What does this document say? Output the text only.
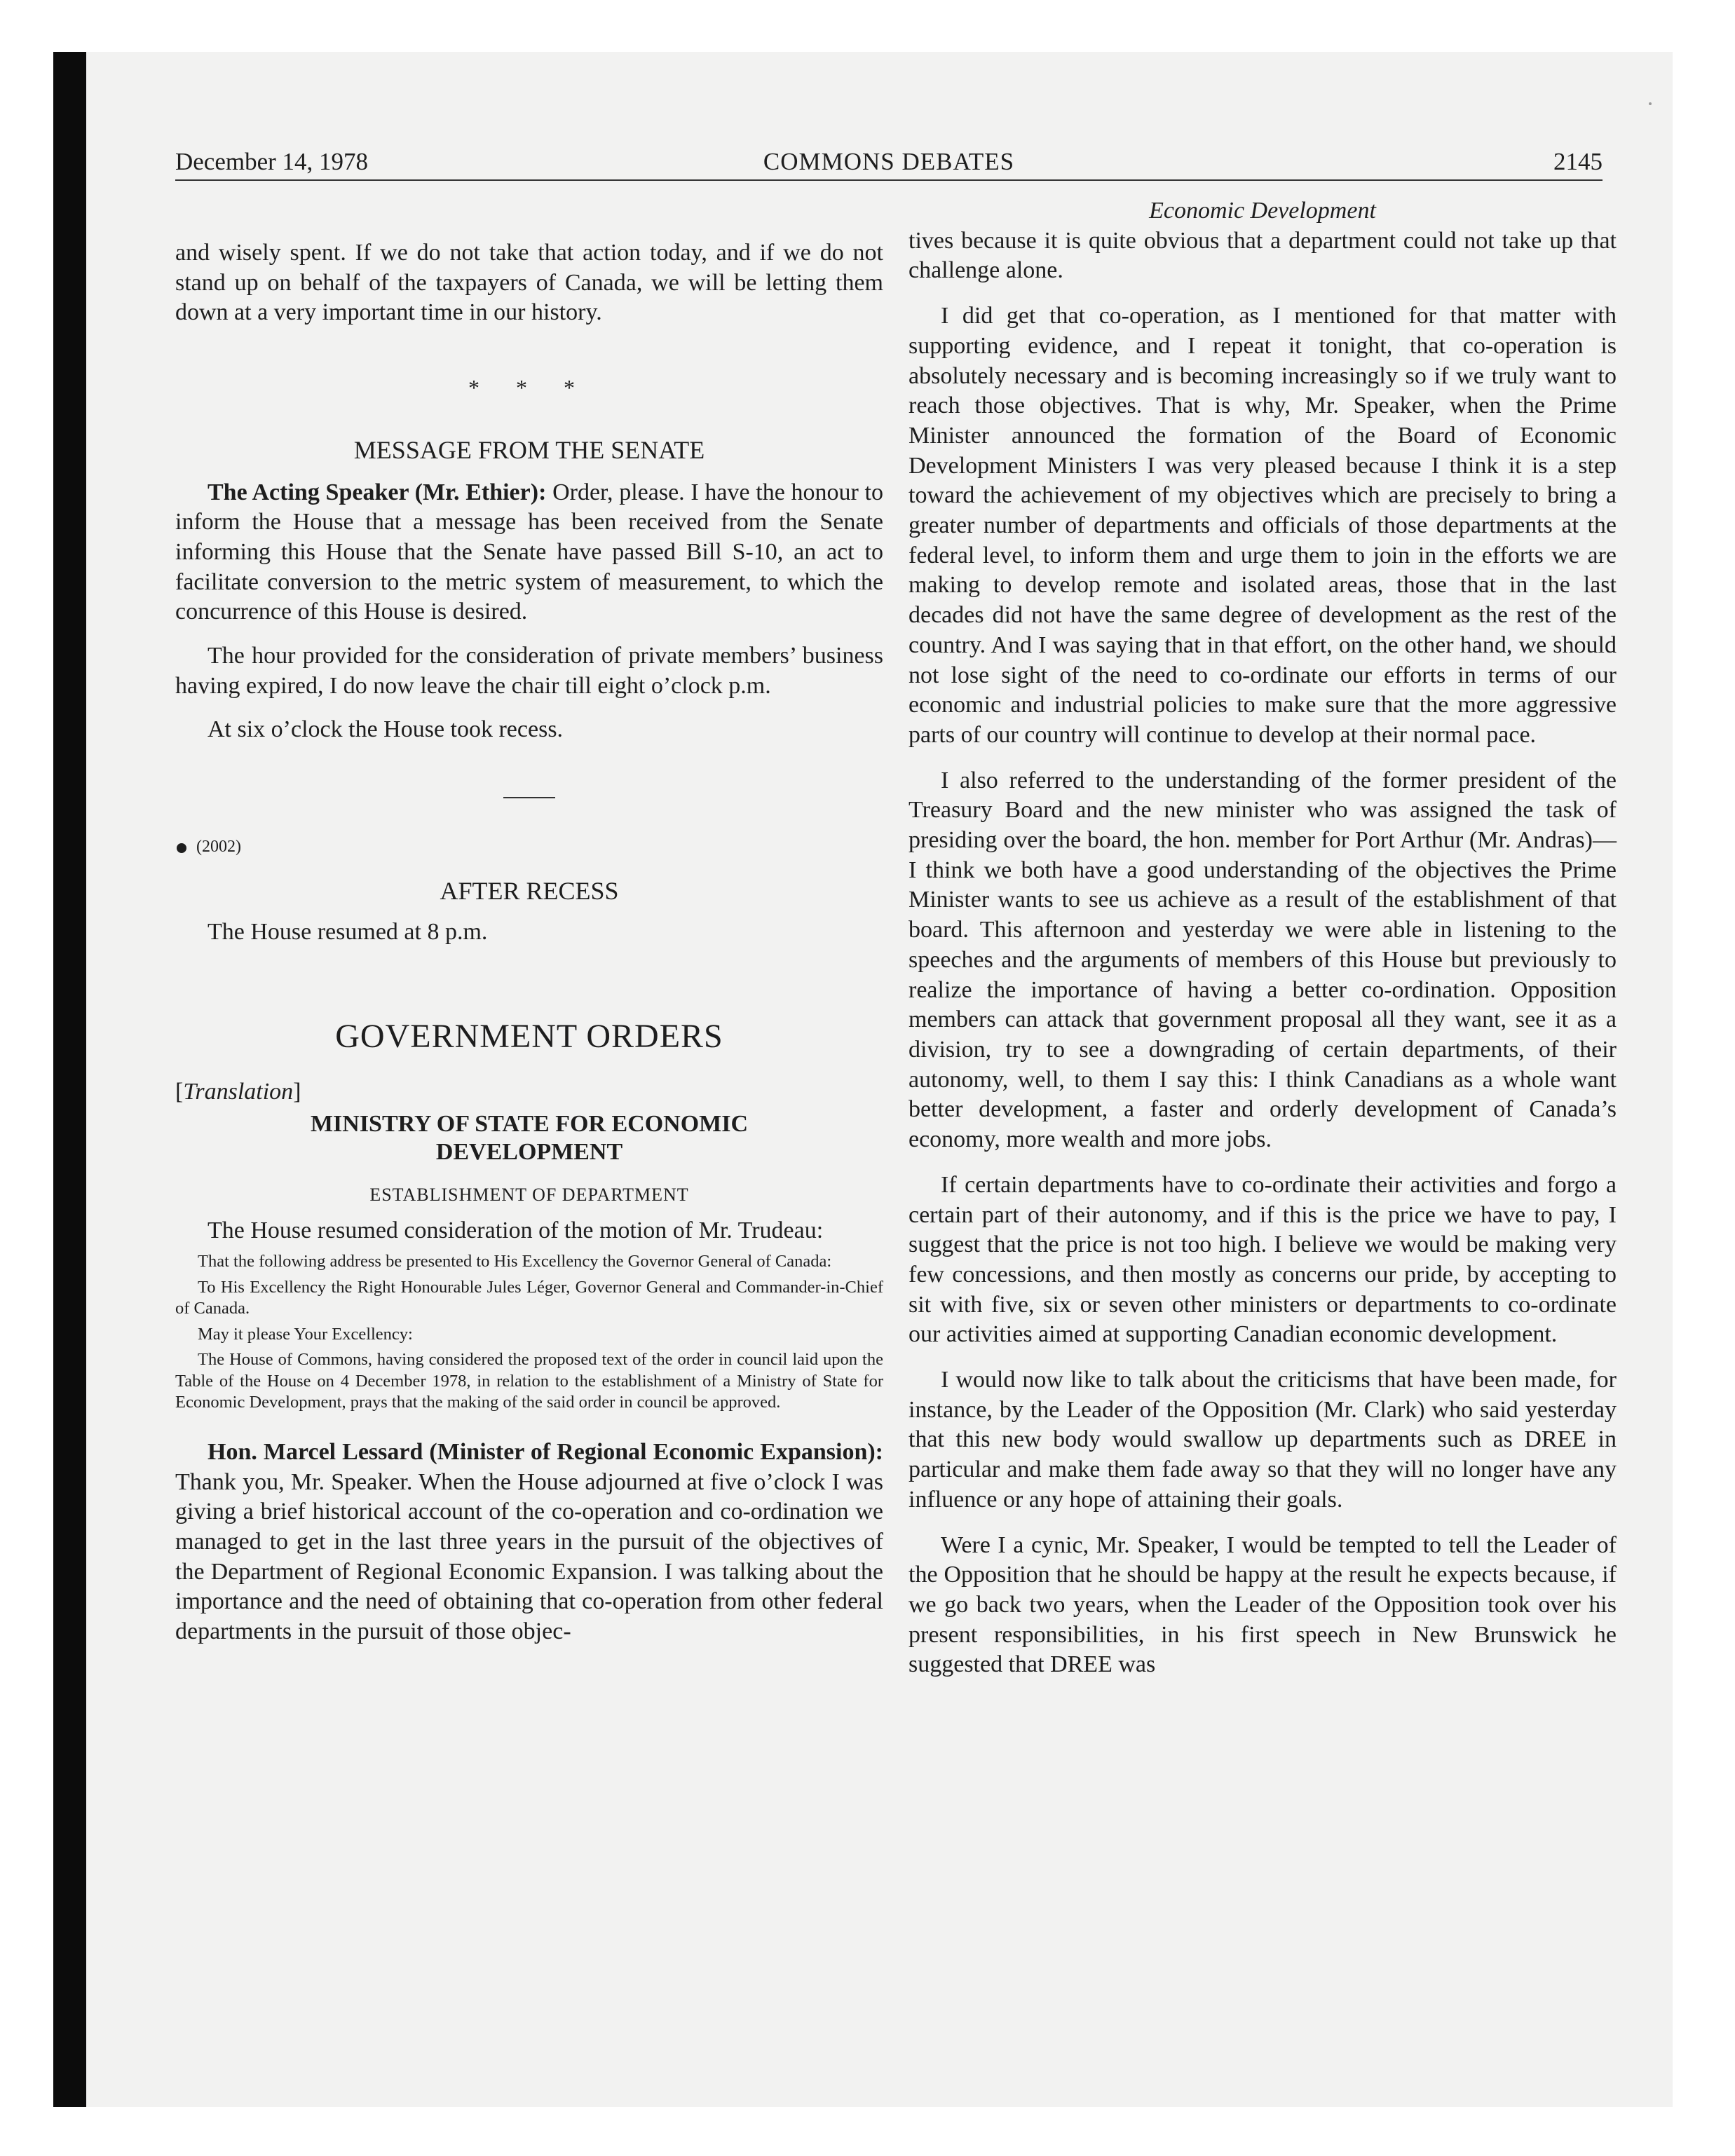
December 14, 1978	COMMONS DEBATES	2145

and wisely spent. If we do not take that action today, and if we do not stand up on behalf of the taxpayers of Canada, we will be letting them down at a very important time in our history.

* * *

MESSAGE FROM THE SENATE

The Acting Speaker (Mr. Ethier): Order, please. I have the honour to inform the House that a message has been received from the Senate informing this House that the Senate have passed Bill S-10, an act to facilitate conversion to the metric system of measurement, to which the concurrence of this House is desired.

The hour provided for the consideration of private members’ business having expired, I do now leave the chair till eight o’clock p.m.

At six o’clock the House took recess.

(2002)

AFTER RECESS

The House resumed at 8 p.m.

GOVERNMENT ORDERS

[Translation]

MINISTRY OF STATE FOR ECONOMIC DEVELOPMENT

ESTABLISHMENT OF DEPARTMENT

The House resumed consideration of the motion of Mr. Trudeau:

That the following address be presented to His Excellency the Governor General of Canada:

To His Excellency the Right Honourable Jules Léger, Governor General and Commander-in-Chief of Canada.

May it please Your Excellency:

The House of Commons, having considered the proposed text of the order in council laid upon the Table of the House on 4 December 1978, in relation to the establishment of a Ministry of State for Economic Development, prays that the making of the said order in council be approved.

Hon. Marcel Lessard (Minister of Regional Economic Expansion): Thank you, Mr. Speaker. When the House adjourned at five o’clock I was giving a brief historical account of the co-operation and co-ordination we managed to get in the last three years in the pursuit of the objectives of the Department of Regional Economic Expansion. I was talking about the importance and the need of obtaining that co-operation from other federal departments in the pursuit of those objec-

Economic Development

tives because it is quite obvious that a department could not take up that challenge alone.

I did get that co-operation, as I mentioned for that matter with supporting evidence, and I repeat it tonight, that co-operation is absolutely necessary and is becoming increasingly so if we truly want to reach those objectives. That is why, Mr. Speaker, when the Prime Minister announced the formation of the Board of Economic Development Ministers I was very pleased because I think it is a step toward the achievement of my objectives which are precisely to bring a greater number of departments and officials of those departments at the federal level, to inform them and urge them to join in the efforts we are making to develop remote and isolated areas, those that in the last decades did not have the same degree of development as the rest of the country. And I was saying that in that effort, on the other hand, we should not lose sight of the need to co-ordinate our efforts in terms of our economic and industrial policies to make sure that the more aggressive parts of our country will continue to develop at their normal pace.

I also referred to the understanding of the former president of the Treasury Board and the new minister who was assigned the task of presiding over the board, the hon. member for Port Arthur (Mr. Andras)—I think we both have a good understanding of the objectives the Prime Minister wants to see us achieve as a result of the establishment of that board. This afternoon and yesterday we were able in listening to the speeches and the arguments of members of this House but previously to realize the importance of having a better co-ordination. Opposition members can attack that government proposal all they want, see it as a division, try to see a downgrading of certain departments, of their autonomy, well, to them I say this: I think Canadians as a whole want better development, a faster and orderly development of Canada’s economy, more wealth and more jobs.

If certain departments have to co-ordinate their activities and forgo a certain part of their autonomy, and if this is the price we have to pay, I suggest that the price is not too high. I believe we would be making very few concessions, and then mostly as concerns our pride, by accepting to sit with five, six or seven other ministers or departments to co-ordinate our activities aimed at supporting Canadian economic development.

I would now like to talk about the criticisms that have been made, for instance, by the Leader of the Opposition (Mr. Clark) who said yesterday that this new body would swallow up departments such as DREE in particular and make them fade away so that they will no longer have any influence or any hope of attaining their goals.

Were I a cynic, Mr. Speaker, I would be tempted to tell the Leader of the Opposition that he should be happy at the result he expects because, if we go back two years, when the Leader of the Opposition took over his present responsibilities, in his first speech in New Brunswick he suggested that DREE was
